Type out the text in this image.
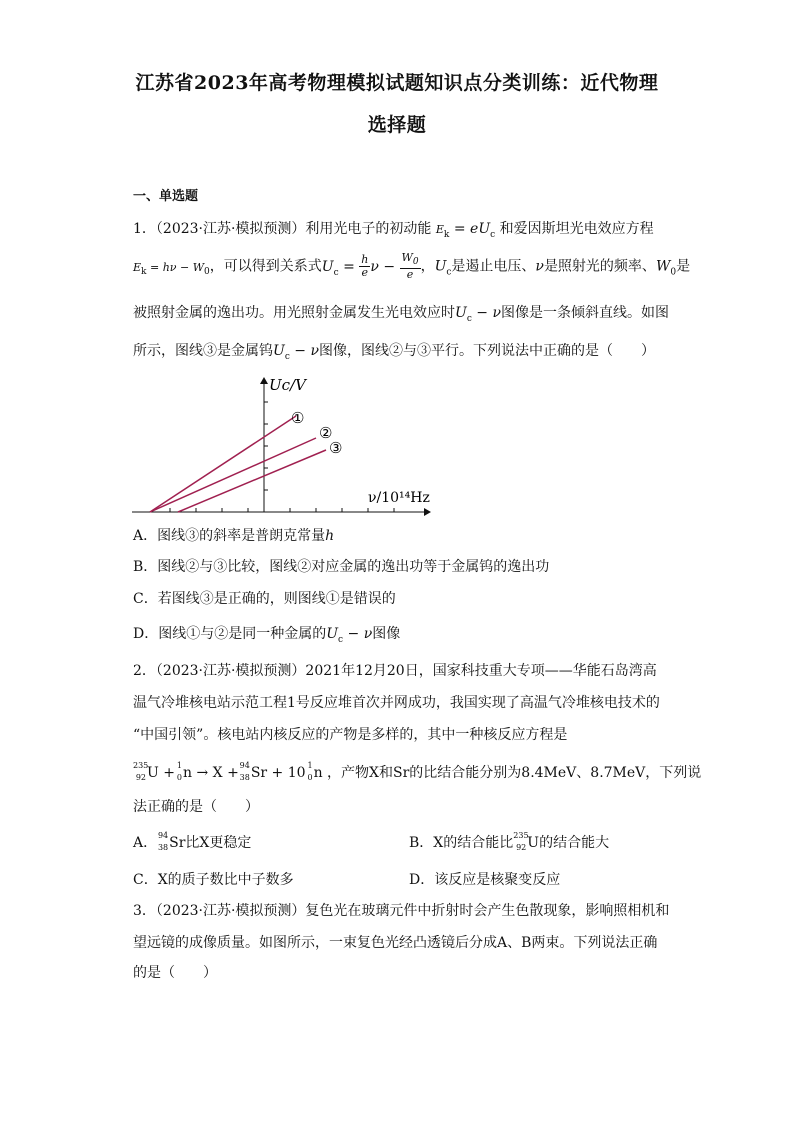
江苏省2023年高考物理模拟试题知识点分类训练：近代物理
选择题
一、单选题
1．（2023·江苏·模拟预测）利用光电子的初动能 $E_k = eU_c$ 和爱因斯坦光电效应方程
$E_k = h\nu - W_0$，可以得到关系式$U_c = \frac{h}{e}$ $\nu - \frac{W_0}{e}$ ，$U_c$是遏止电压、ν是照射光的频率、$W_0$是
被照射金属的逸出功。用光照射金属发生光电效应时$U_c - \nu$图像是一条倾斜直线。如图
所示，图线③是金属钨$U_c - \nu$图像，图线②与③平行。下列说法中正确的是（　　）
①
②
③
Uc/V
ν/10¹⁴Hz
A．图线③的斜率是普朗克常量h
B．图线②与③比较，图线②对应金属的逸出功等于金属钨的逸出功
C．若图线③是正确的，则图线①是错误的
D．图线①与②是同一种金属的$U_c - \nu$图像
2．（2023·江苏·模拟预测）2021年12月20日，国家科技重大专项——华能石岛湾高
温气冷堆核电站示范工程1号反应堆首次并网成功，我国实现了高温气冷堆核电技术的
“中国引领”。核电站内核反应的产物是多样的，其中一种核反应方程是
235
92 U + 1
0 n → X + 94
38 Sr + 10 1
0 n ，产物X和Sr的比结合能分别为8.4MeV、8.7MeV，下列说
法正确的是（　　）
A． 94
38 Sr比X更稳定	B．X的结合能比 235
92 U的结合能大
C．X的质子数比中子数多	D．该反应是核聚变反应
3．（2023·江苏·模拟预测）复色光在玻璃元件中折射时会产生色散现象，影响照相机和
望远镜的成像质量。如图所示，一束复色光经凸透镜后分成A、B两束。下列说法正确
的是（　　）
